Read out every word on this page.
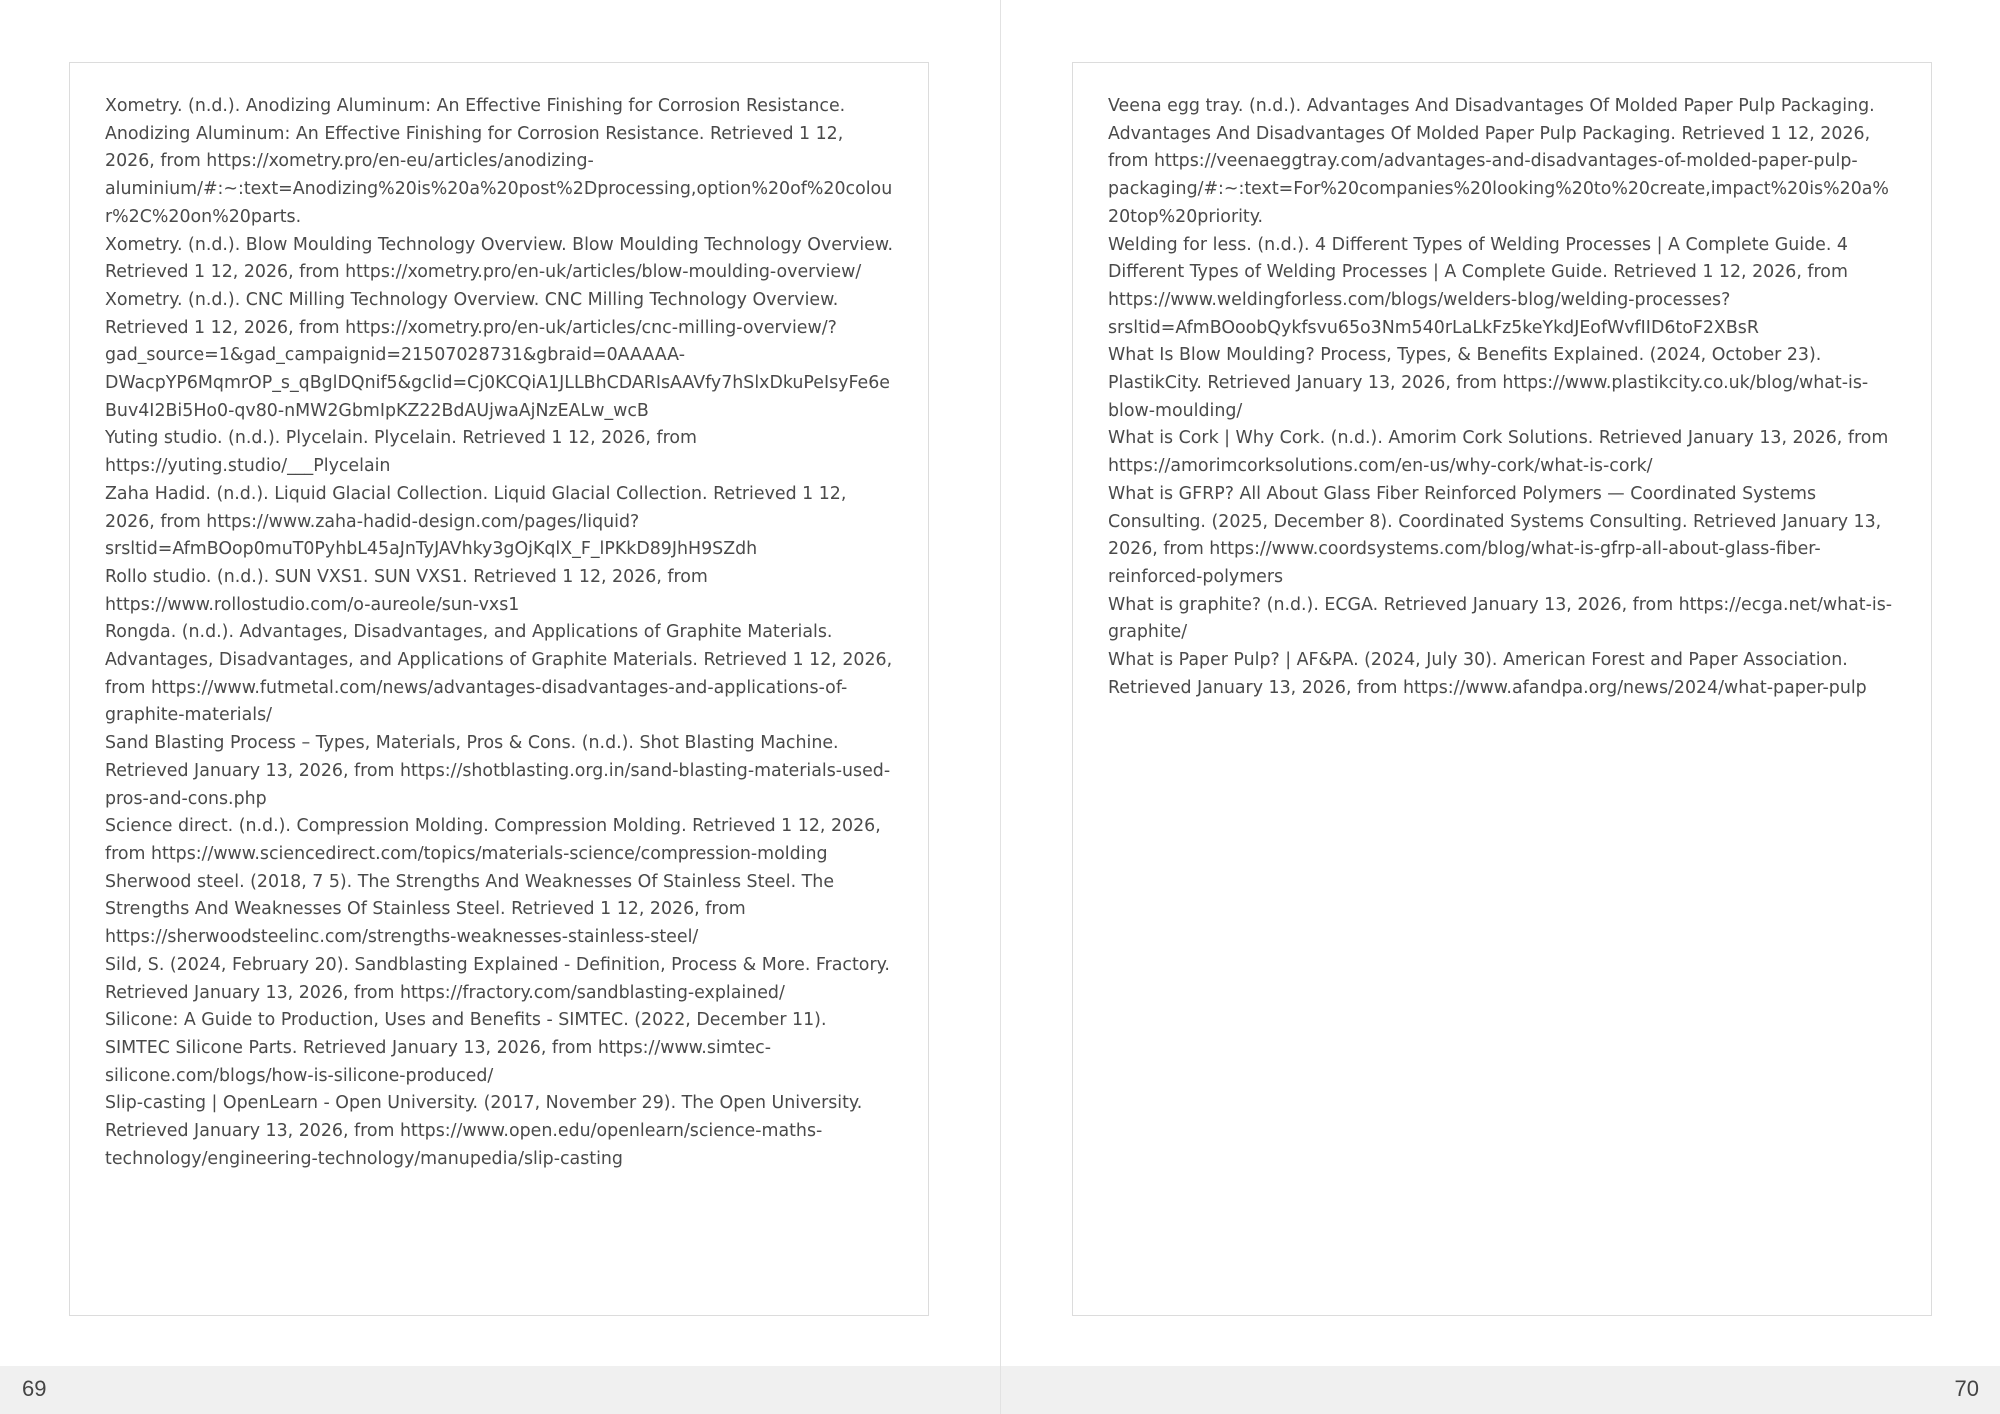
Xometry. (n.d.). Anodizing Aluminum: An Effective Finishing for Corrosion Resistance. Anodizing Aluminum: An Effective Finishing for Corrosion Resistance. Retrieved 1 12, 2026, from https://xometry.pro/en-eu/articles/anodizing-aluminium/#:~:text=Anodizing%20is%20a%20post%2Dprocessing,option%20of%20colour%2C%20on%20parts.
Xometry. (n.d.). Blow Moulding Technology Overview. Blow Moulding Technology Overview. Retrieved 1 12, 2026, from https://xometry.pro/en-uk/articles/blow-moulding-overview/
Xometry. (n.d.). CNC Milling Technology Overview. CNC Milling Technology Overview. Retrieved 1 12, 2026, from https://xometry.pro/en-uk/articles/cnc-milling-overview/?gad_source=1&gad_campaignid=21507028731&gbraid=0AAAAA-DWacpYP6MqmrOP_s_qBglDQnif5&gclid=Cj0KCQiA1JLLBhCDARIsAAVfy7hSlxDkuPeIsyFe6eBuv4I2Bi5Ho0-qv80-nMW2GbmIpKZ22BdAUjwaAjNzEALw_wcB
Yuting studio. (n.d.). Plycelain. Plycelain. Retrieved 1 12, 2026, from https://yuting.studio/___Plycelain
Zaha Hadid. (n.d.). Liquid Glacial Collection. Liquid Glacial Collection. Retrieved 1 12, 2026, from https://www.zaha-hadid-design.com/pages/liquid?srsltid=AfmBOop0muT0PyhbL45aJnTyJAVhky3gOjKqlX_F_lPKkD89JhH9SZdh
Rollo studio. (n.d.). SUN VXS1. SUN VXS1. Retrieved 1 12, 2026, from https://www.rollostudio.com/o-aureole/sun-vxs1
Rongda. (n.d.). Advantages, Disadvantages, and Applications of Graphite Materials. Advantages, Disadvantages, and Applications of Graphite Materials. Retrieved 1 12, 2026, from https://www.futmetal.com/news/advantages-disadvantages-and-applications-of-graphite-materials/
Sand Blasting Process – Types, Materials, Pros & Cons. (n.d.). Shot Blasting Machine. Retrieved January 13, 2026, from https://shotblasting.org.in/sand-blasting-materials-used-pros-and-cons.php
Science direct. (n.d.). Compression Molding. Compression Molding. Retrieved 1 12, 2026, from https://www.sciencedirect.com/topics/materials-science/compression-molding
Sherwood steel. (2018, 7 5). The Strengths And Weaknesses Of Stainless Steel. The Strengths And Weaknesses Of Stainless Steel. Retrieved 1 12, 2026, from https://sherwoodsteelinc.com/strengths-weaknesses-stainless-steel/
Sild, S. (2024, February 20). Sandblasting Explained - Definition, Process & More. Fractory. Retrieved January 13, 2026, from https://fractory.com/sandblasting-explained/
Silicone: A Guide to Production, Uses and Benefits - SIMTEC. (2022, December 11). SIMTEC Silicone Parts. Retrieved January 13, 2026, from https://www.simtec-silicone.com/blogs/how-is-silicone-produced/
Slip-casting | OpenLearn - Open University. (2017, November 29). The Open University. Retrieved January 13, 2026, from https://www.open.edu/openlearn/science-maths-technology/engineering-technology/manupedia/slip-casting
69
Veena egg tray. (n.d.). Advantages And Disadvantages Of Molded Paper Pulp Packaging. Advantages And Disadvantages Of Molded Paper Pulp Packaging. Retrieved 1 12, 2026, from https://veenaeggtray.com/advantages-and-disadvantages-of-molded-paper-pulp-packaging/#:~:text=For%20companies%20looking%20to%20create,impact%20is%20a%20top%20priority.
Welding for less. (n.d.). 4 Different Types of Welding Processes | A Complete Guide. 4 Different Types of Welding Processes | A Complete Guide. Retrieved 1 12, 2026, from https://www.weldingforless.com/blogs/welders-blog/welding-processes?srsltid=AfmBOoobQykfsvu65o3Nm540rLaLkFz5keYkdJEofWvfIID6toF2XBsR
What Is Blow Moulding? Process, Types, & Benefits Explained. (2024, October 23). PlastikCity. Retrieved January 13, 2026, from https://www.plastikcity.co.uk/blog/what-is-blow-moulding/
What is Cork | Why Cork. (n.d.). Amorim Cork Solutions. Retrieved January 13, 2026, from https://amorimcorksolutions.com/en-us/why-cork/what-is-cork/
What is GFRP? All About Glass Fiber Reinforced Polymers — Coordinated Systems Consulting. (2025, December 8). Coordinated Systems Consulting. Retrieved January 13, 2026, from https://www.coordsystems.com/blog/what-is-gfrp-all-about-glass-fiber-reinforced-polymers
What is graphite? (n.d.). ECGA. Retrieved January 13, 2026, from https://ecga.net/what-is-graphite/
What is Paper Pulp? | AF&PA. (2024, July 30). American Forest and Paper Association. Retrieved January 13, 2026, from https://www.afandpa.org/news/2024/what-paper-pulp
70
